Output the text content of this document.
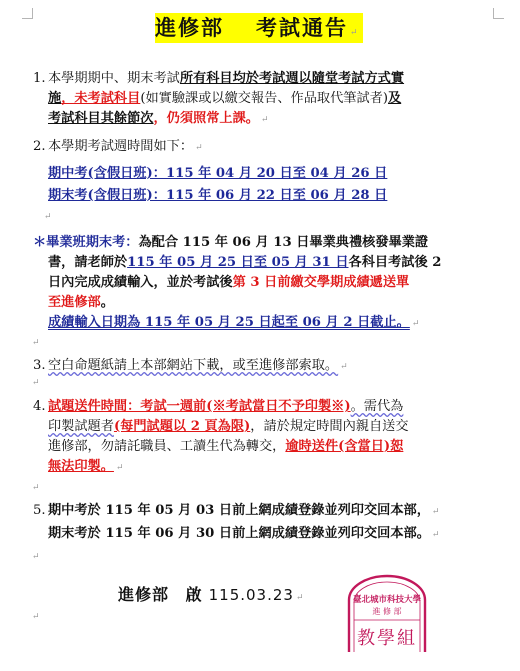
進修部 考試通告 ↵
1. 本學期期中、期末考試所有科目均於考試週以隨堂考試方式實
施，未考試科目(如實驗課或以繳交報告、作品取代筆試者)及
考試科目其餘節次，仍須照常上課。 ↵
2. 本學期考試週時間如下： ↵
期中考(含假日班)：115 年 04 月 20 日至 04 月 26 日
期末考(含假日班)：115 年 06 月 22 日至 06 月 28 日
↵
＊畢業班期末考：為配合 115 年 06 月 13 日畢業典禮核發畢業證
書，請老師於115 年 05 月 25 日至 05 月 31 日各科目考試後 2
日內完成成績輸入，並於考試後第 3 日前繳交學期成績遞送單
至進修部。
成績輸入日期為 115 年 05 月 25 日起至 06 月 2 日截止。 ↵
↵
3. 空白命題紙請上本部網站下載，或至進修部索取。 ↵
↵
4. 試題送件時間：考試一週前(※考試當日不予印製※)。需代為
印製試題者(每門試題以 2 頁為限)，請於規定時間內親自送交
進修部，勿請託職員、工讀生代為轉交，逾時送件(含當日)恕
無法印製。 ↵
↵
5. 期中考於 115 年 05 月 03 日前上網成績登錄並列印交回本部， ↵
期末考於 115 年 06 月 30 日前上網成績登錄並列印交回本部。 ↵
↵
進修部 啟 115.03.23 ↵
↵
臺北城市科技大學
進 修 部
教學組
